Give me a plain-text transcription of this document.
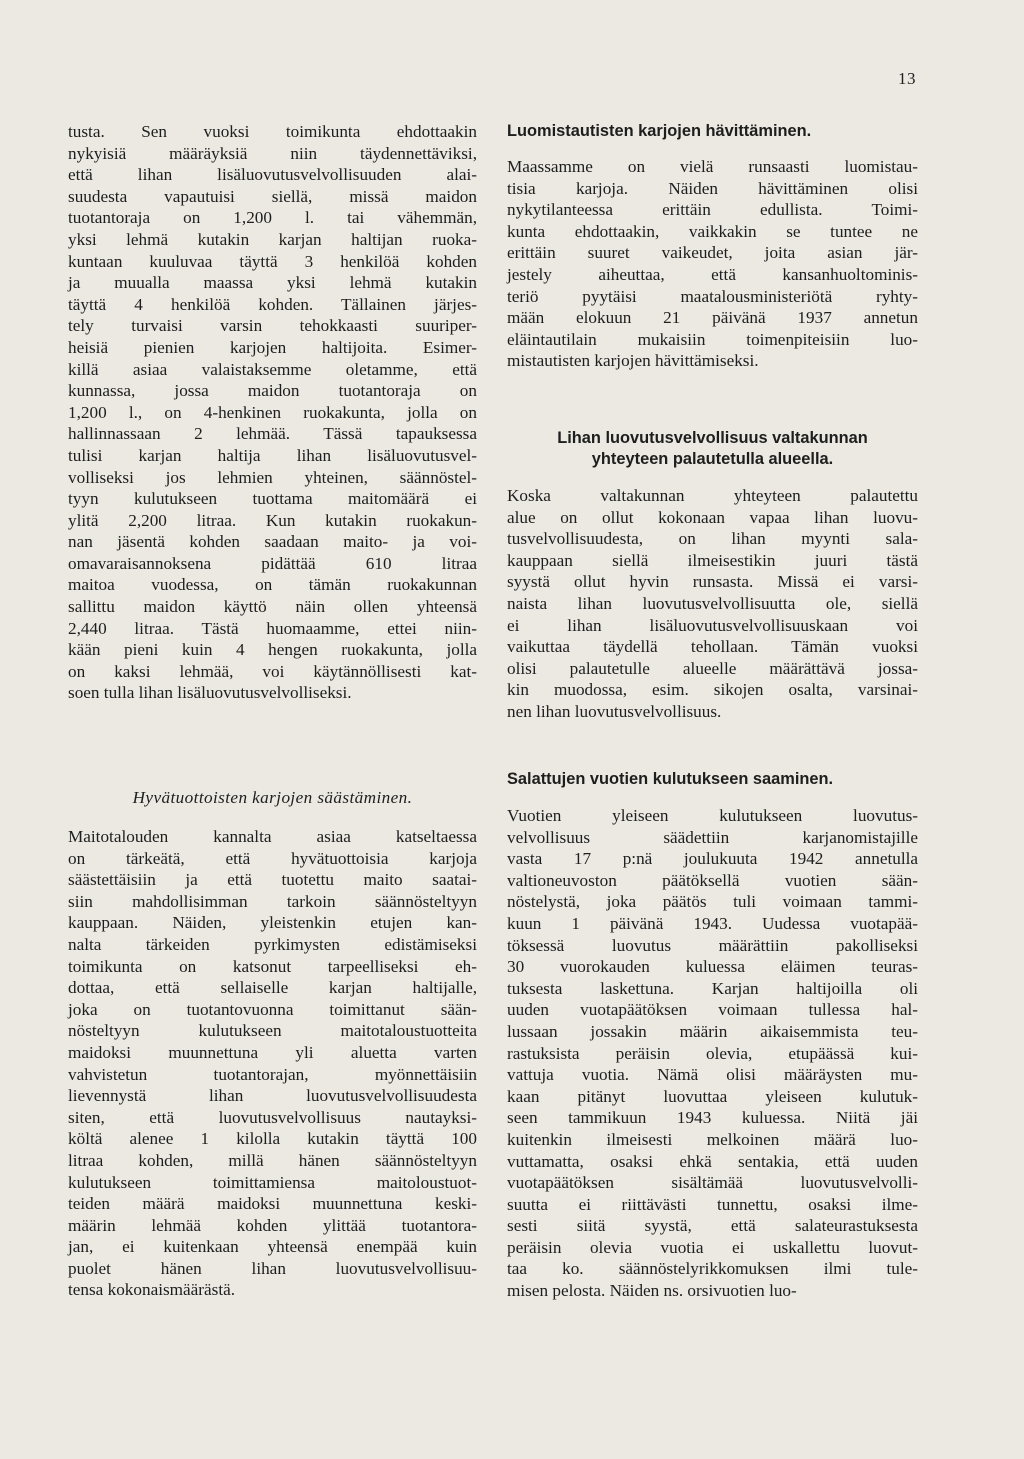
13
tusta. Sen vuoksi toimikunta ehdottaakin
nykyisiä määräyksiä niin täydennettäviksi,
että lihan lisäluovutusvelvollisuuden alai-
suudesta vapautuisi siellä, missä maidon
tuotantoraja on 1,200 l. tai vähemmän,
yksi lehmä kutakin karjan haltijan ruoka-
kuntaan kuuluvaa täyttä 3 henkilöä kohden
ja muualla maassa yksi lehmä kutakin
täyttä 4 henkilöä kohden. Tällainen järjes-
tely turvaisi varsin tehokkaasti suuriper-
heisiä pienien karjojen haltijoita. Esimer-
killä asiaa valaistaksemme oletamme, että
kunnassa, jossa maidon tuotantoraja on
1,200 l., on 4-henkinen ruokakunta, jolla on
hallinnassaan 2 lehmää. Tässä tapauksessa
tulisi karjan haltija lihan lisäluovutusvel-
volliseksi jos lehmien yhteinen, säännöstel-
tyyn kulutukseen tuottama maitomäärä ei
ylitä 2,200 litraa. Kun kutakin ruokakun-
nan jäsentä kohden saadaan maito- ja voi-
omavaraisannoksena pidättää 610 litraa
maitoa vuodessa, on tämän ruokakunnan
sallittu maidon käyttö näin ollen yhteensä
2,440 litraa. Tästä huomaamme, ettei niin-
kään pieni kuin 4 hengen ruokakunta, jolla
on kaksi lehmää, voi käytännöllisesti kat-
soen tulla lihan lisäluovutusvelvolliseksi.
Hyvätuottoisten karjojen säästäminen.
Maitotalouden kannalta asiaa katseltaessa
on tärkeätä, että hyvätuottoisia karjoja
säästettäisiin ja että tuotettu maito saatai-
siin mahdollisimman tarkoin säännösteltyyn
kauppaan. Näiden, yleistenkin etujen kan-
nalta tärkeiden pyrkimysten edistämiseksi
toimikunta on katsonut tarpeelliseksi eh-
dottaa, että sellaiselle karjan haltijalle,
joka on tuotantovuonna toimittanut sään-
nösteltyyn kulutukseen maitotaloustuotteita
maidoksi muunnettuna yli aluetta varten
vahvistetun tuotantorajan, myönnettäisiin
lievennystä lihan luovutusvelvollisuudesta
siten, että luovutusvelvollisuus nautayksi-
költä alenee 1 kilolla kutakin täyttä 100
litraa kohden, millä hänen säännösteltyyn
kulutukseen toimittamiensa maitoloustuot-
teiden määrä maidoksi muunnettuna keski-
määrin lehmää kohden ylittää tuotantora-
jan, ei kuitenkaan yhteensä enempää kuin
puolet hänen lihan luovutusvelvollisuu-
tensa kokonaismäärästä.
Luomistautisten karjojen hävittäminen.
Maassamme on vielä runsaasti luomistau-
tisia karjoja. Näiden hävittäminen olisi
nykytilanteessa erittäin edullista. Toimi-
kunta ehdottaakin, vaikkakin se tuntee ne
erittäin suuret vaikeudet, joita asian jär-
jestely aiheuttaa, että kansanhuoltominis-
teriö pyytäisi maatalousministeriötä ryhty-
mään elokuun 21 päivänä 1937 annetun
eläintautilain mukaisiin toimenpiteisiin luo-
mistautisten karjojen hävittämiseksi.
Lihan luovutusvelvollisuus valtakunnan
yhteyteen palautetulla alueella.
Koska valtakunnan yhteyteen palautettu
alue on ollut kokonaan vapaa lihan luovu-
tusvelvollisuudesta, on lihan myynti sala-
kauppaan siellä ilmeisestikin juuri tästä
syystä ollut hyvin runsasta. Missä ei varsi-
naista lihan luovutusvelvollisuutta ole, siellä
ei lihan lisäluovutusvelvollisuuskaan voi
vaikuttaa täydellä tehollaan. Tämän vuoksi
olisi palautetulle alueelle määrättävä jossa-
kin muodossa, esim. sikojen osalta, varsinai-
nen lihan luovutusvelvollisuus.
Salattujen vuotien kulutukseen saaminen.
Vuotien yleiseen kulutukseen luovutus-
velvollisuus säädettiin karjanomistajille
vasta 17 p:nä joulukuuta 1942 annetulla
valtioneuvoston päätöksellä vuotien sään-
nöstelystä, joka päätös tuli voimaan tammi-
kuun 1 päivänä 1943. Uudessa vuotapää-
töksessä luovutus määrättiin pakolliseksi
30 vuorokauden kuluessa eläimen teuras-
tuksesta laskettuna. Karjan haltijoilla oli
uuden vuotapäätöksen voimaan tullessa hal-
lussaan jossakin määrin aikaisemmista teu-
rastuksista peräisin olevia, etupäässä kui-
vattuja vuotia. Nämä olisi määräysten mu-
kaan pitänyt luovuttaa yleiseen kulutuk-
seen tammikuun 1943 kuluessa. Niitä jäi
kuitenkin ilmeisesti melkoinen määrä luo-
vuttamatta, osaksi ehkä sentakia, että uuden
vuotapäätöksen sisältämää luovutusvelvolli-
suutta ei riittävästi tunnettu, osaksi ilme-
sesti siitä syystä, että salateurastuksesta
peräisin olevia vuotia ei uskallettu luovut-
taa ko. säännöstelyrikkomuksen ilmi tule-
misen pelosta. Näiden ns. orsivuotien luo-
